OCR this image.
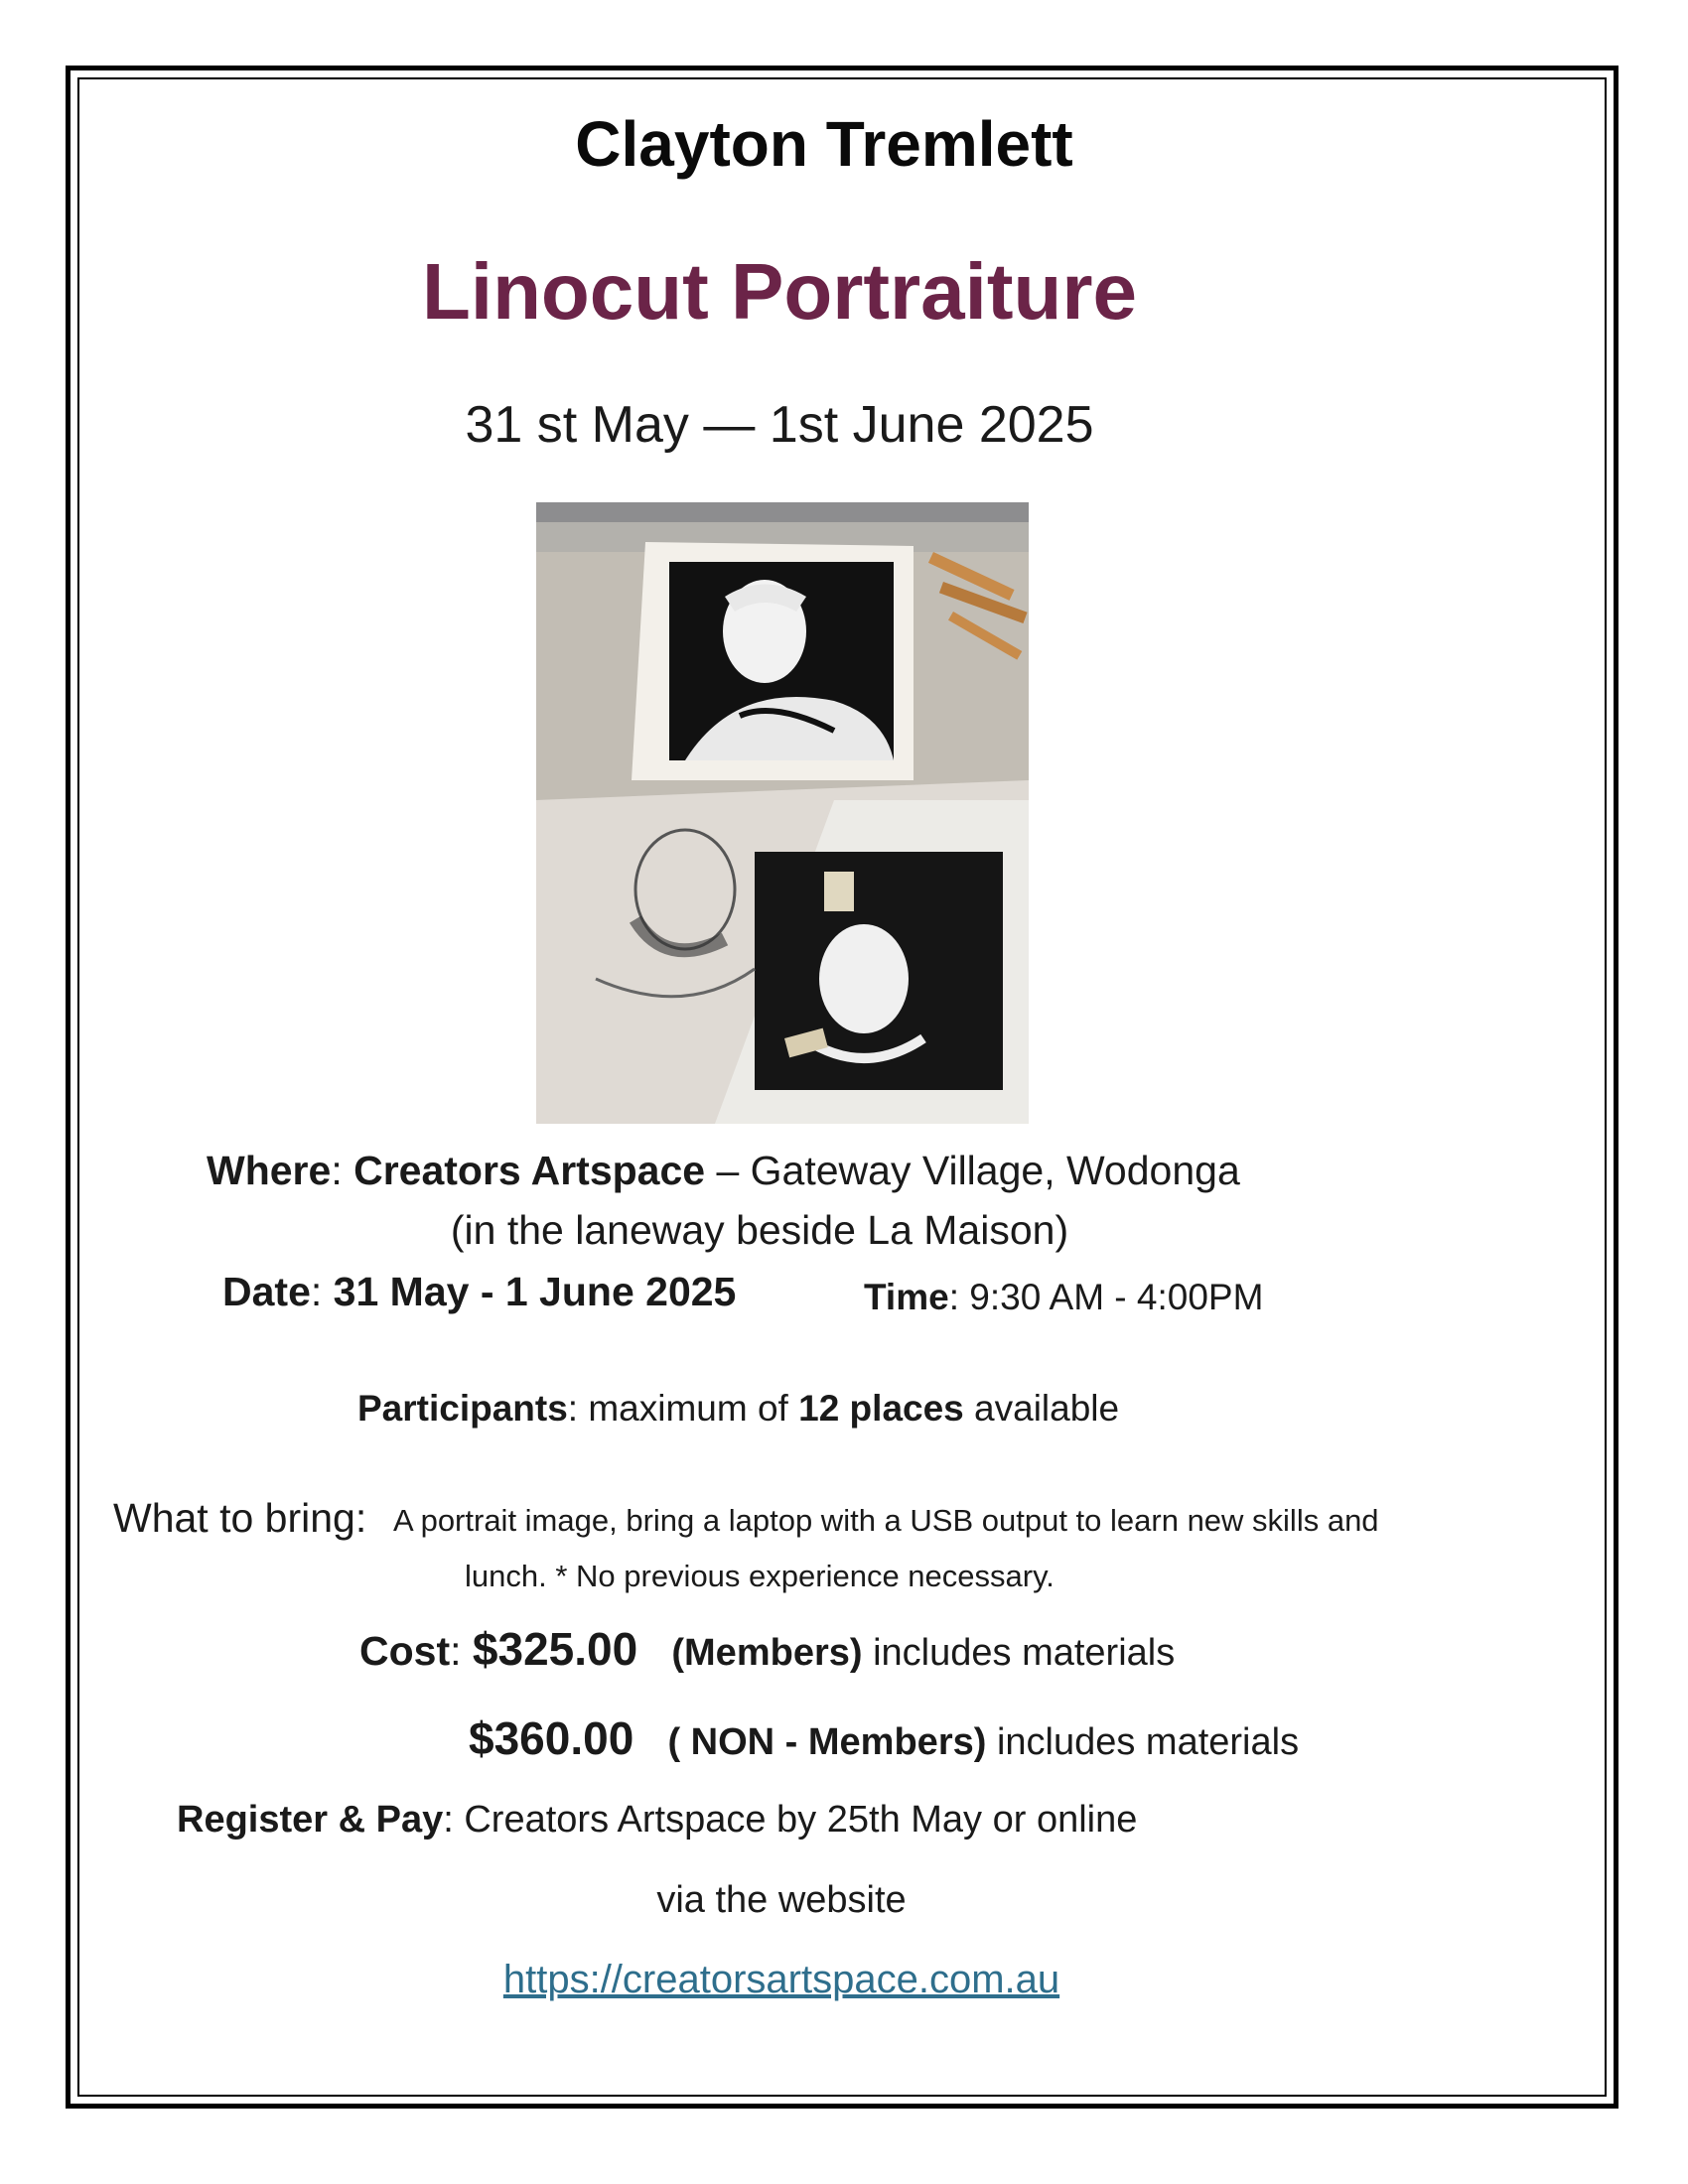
Clayton Tremlett
Linocut Portraiture
31 st May — 1st June 2025
Where: Creators Artspace – Gateway Village, Wodonga
(in the laneway beside La Maison)
Date: 31 May - 1 June 2025	Time: 9:30 AM - 4:00PM
Participants: maximum of 12 places available
What to bring: A portrait image, bring a laptop with a USB output to learn new skills and
lunch. * No previous experience necessary.
Cost: $325.00 (Members) includes materials
$360.00 ( NON - Members) includes materials
Register & Pay: Creators Artspace by 25th May or online
via the website
https://creatorsartspace.com.au
